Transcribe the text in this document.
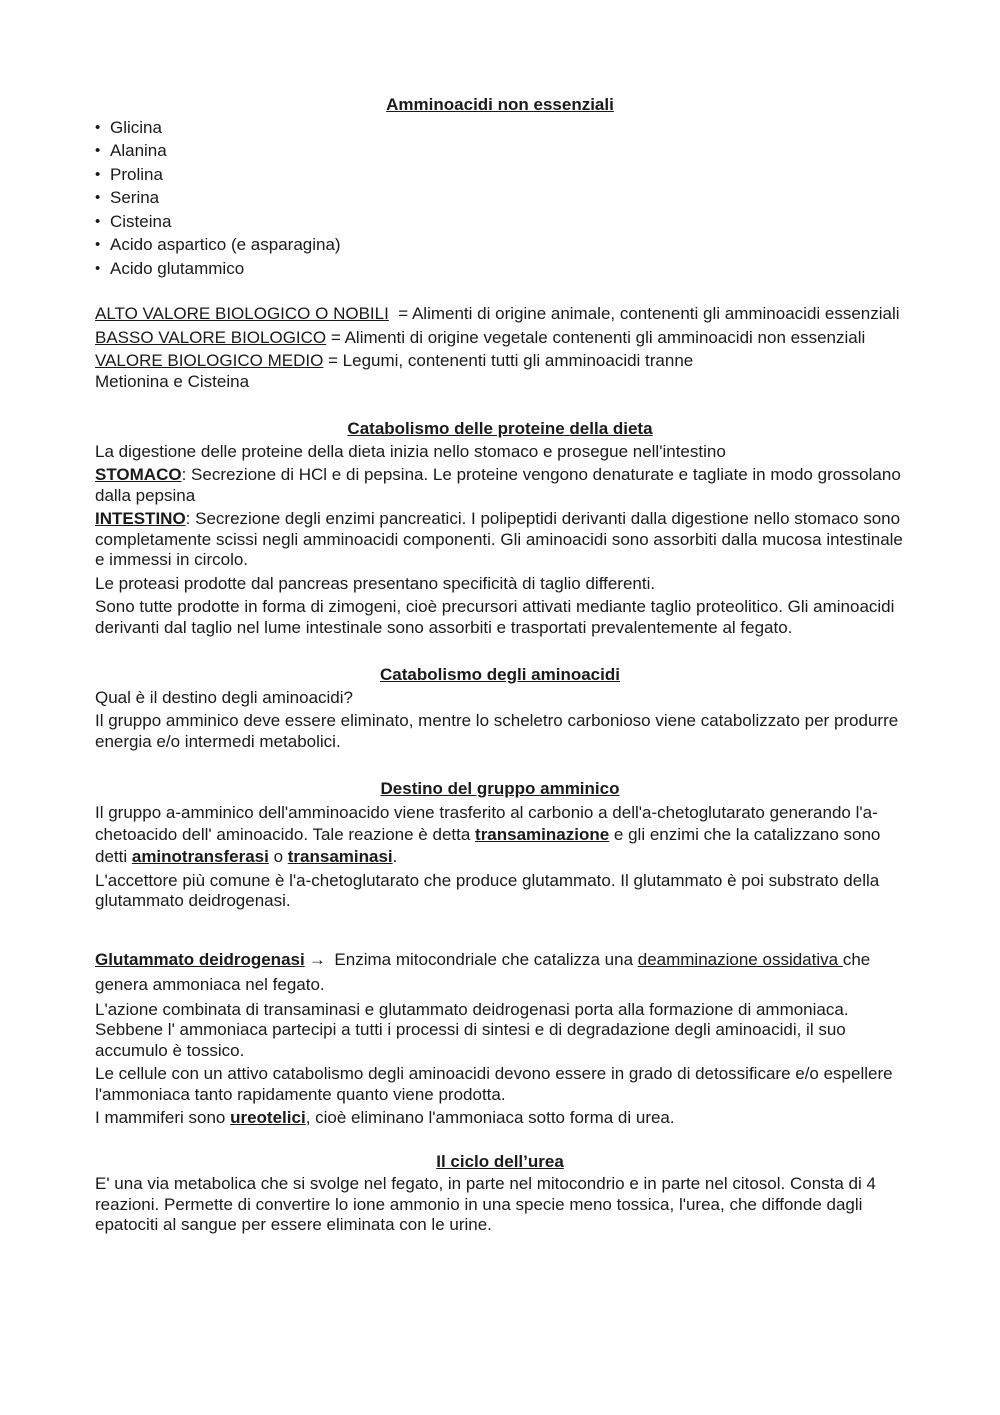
Amminoacidi non essenziali
• Glicina
• Alanina
• Prolina
• Serina
• Cisteina
• Acido aspartico (e asparagina)
• Acido glutammico

ALTO VALORE BIOLOGICO O NOBILI  = Alimenti di origine animale, contenenti gli amminoacidi essenziali

BASSO VALORE BIOLOGICO = Alimenti di origine vegetale contenenti gli amminoacidi non essenziali

VALORE BIOLOGICO MEDIO = Legumi, contenenti tutti gli amminoacidi tranne

Metionina e Cisteina

Catabolismo delle proteine della dieta

La digestione delle proteine della dieta inizia nello stomaco e prosegue nell'intestino

STOMACO: Secrezione di HCl e di pepsina. Le proteine vengono denaturate e tagliate in modo grossolano dalla pepsina

INTESTINO: Secrezione degli enzimi pancreatici. I polipeptidi derivanti dalla digestione nello stomaco sono completamente scissi negli amminoacidi componenti. Gli aminoacidi sono assorbiti dalla mucosa intestinale e immessi in circolo.

Le proteasi prodotte dal pancreas presentano specificità di taglio differenti.

Sono tutte prodotte in forma di zimogeni, cioè precursori attivati mediante taglio proteolitico. Gli aminoacidi derivanti dal taglio nel lume intestinale sono assorbiti e trasportati prevalentemente al fegato.

Catabolismo degli aminoacidi

Qual è il destino degli aminoacidi?

Il gruppo amminico deve essere eliminato, mentre lo scheletro carbonioso viene catabolizzato per produrre energia e/o intermedi metabolici.

Destino del gruppo amminico

Il gruppo a-amminico dell'amminoacido viene trasferito al carbonio a dell'a-chetoglutarato generando l'a-chetoacido dell' aminoacido. Tale reazione è detta transaminazione e gli enzimi che la catalizzano sono detti aminotransferasi o transaminasi.

L'accettore più comune è l'a-chetoglutarato che produce glutammato. Il glutammato è poi substrato della glutammato deidrogenasi.

Glutammato deidrogenasi → Enzima mitocondriale che catalizza una deamminazione ossidativa che genera ammoniaca nel fegato.

L'azione combinata di transaminasi e glutammato deidrogenasi porta alla formazione di ammoniaca. Sebbene l' ammoniaca partecipi a tutti i processi di sintesi e di degradazione degli aminoacidi, il suo accumulo è tossico.

Le cellule con un attivo catabolismo degli aminoacidi devono essere in grado di detossificare e/o espellere l'ammoniaca tanto rapidamente quanto viene prodotta.

I mammiferi sono ureotelici, cioè eliminano l'ammoniaca sotto forma di urea.

Il ciclo dell’urea

E' una via metabolica che si svolge nel fegato, in parte nel mitocondrio e in parte nel citosol. Consta di 4 reazioni. Permette di convertire lo ione ammonio in una specie meno tossica, l'urea, che diffonde dagli epatociti al sangue per essere eliminata con le urine.
